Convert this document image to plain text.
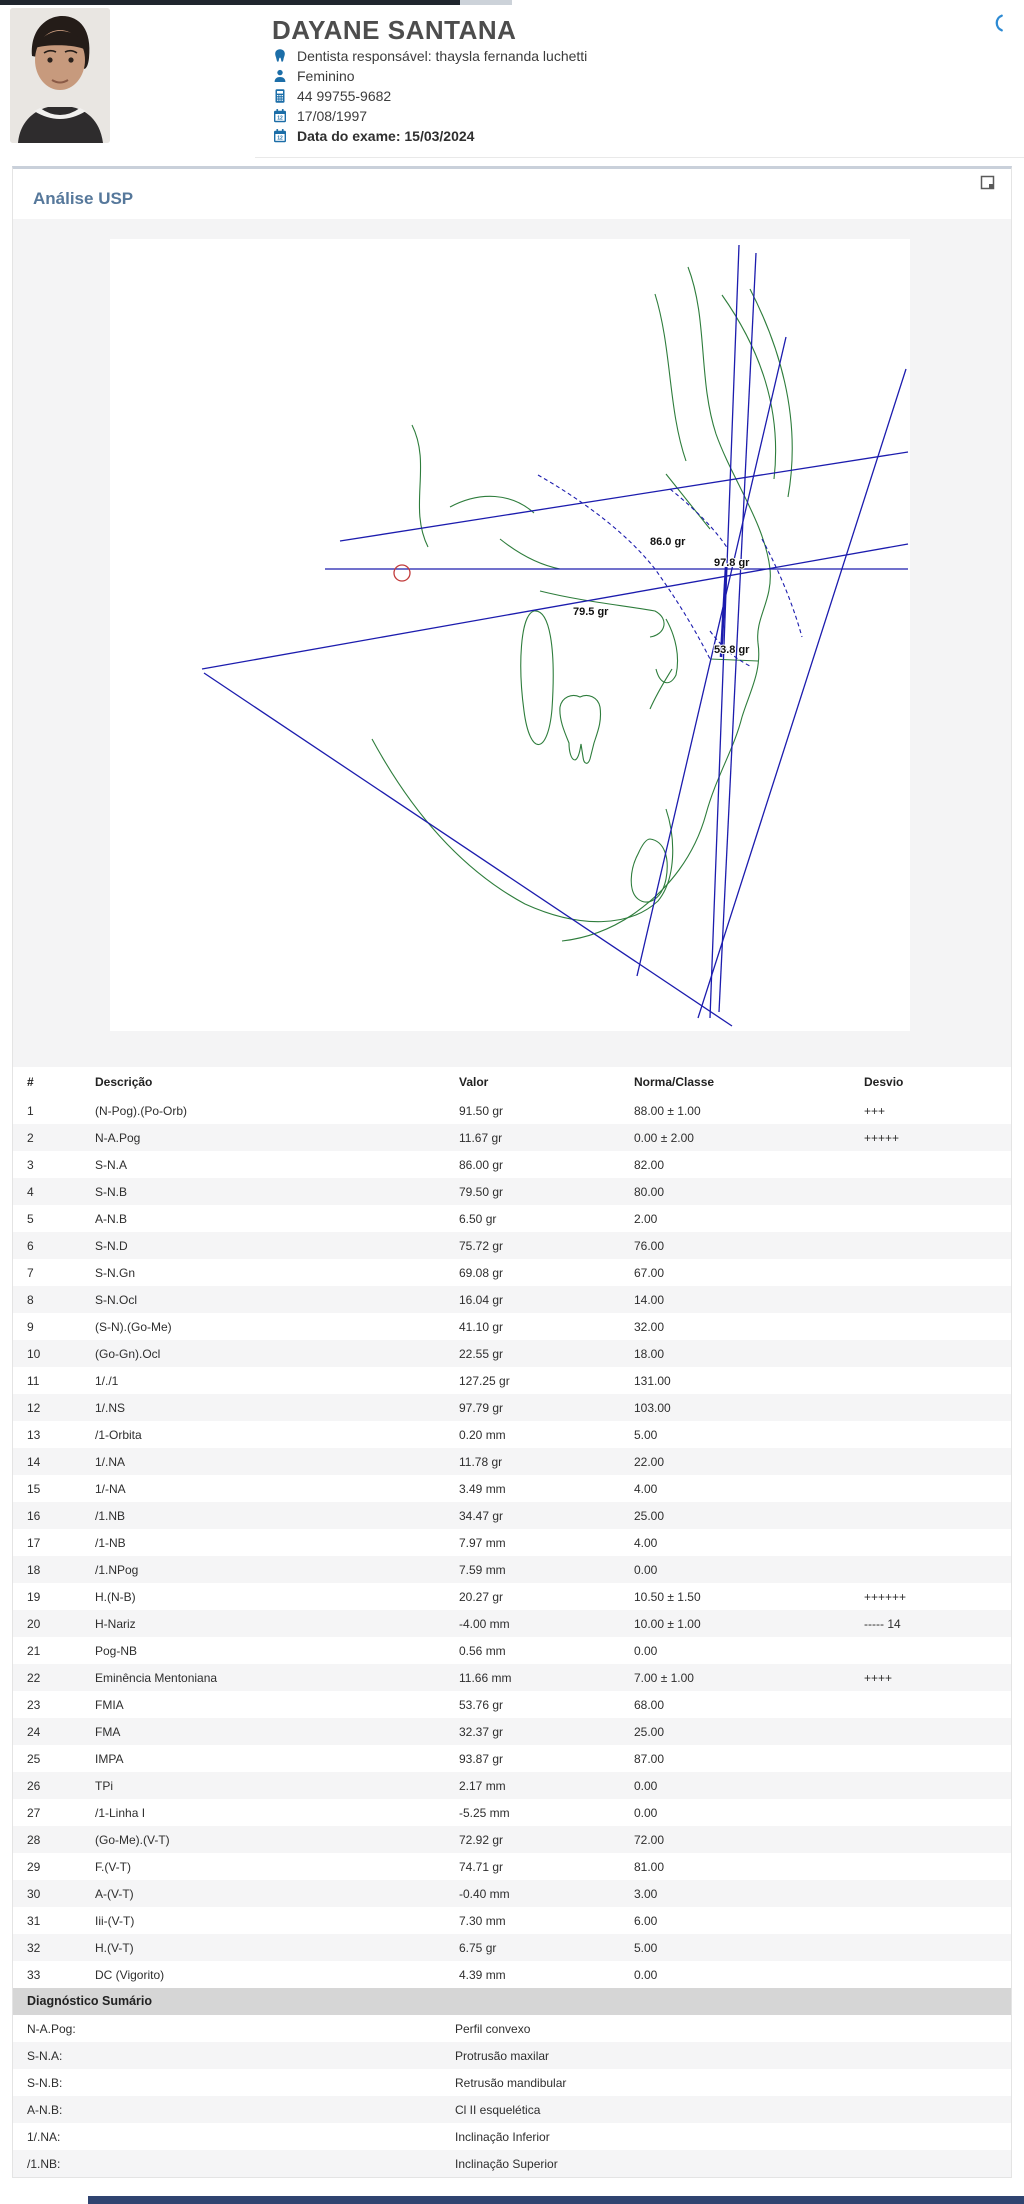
DAYANE SANTANA
Dentista responsável: thaysla fernanda luchetti
Feminino
44 99755-9682
12 17/08/1997
12 Data do exame: 15/03/2024
Análise USP
86.0 gr
97.8 gr
79.5 gr
53.8 gr
#	Descrição	Valor	Norma/Classe	Desvio
1	(N-Pog).(Po-Orb)	91.50 gr	88.00 ± 1.00	+++
2	N-A.Pog	11.67 gr	0.00 ± 2.00	+++++
3	S-N.A	86.00 gr	82.00	
4	S-N.B	79.50 gr	80.00	
5	A-N.B	6.50 gr	2.00	
6	S-N.D	75.72 gr	76.00	
7	S-N.Gn	69.08 gr	67.00	
8	S-N.Ocl	16.04 gr	14.00	
9	(S-N).(Go-Me)	41.10 gr	32.00	
10	(Go-Gn).Ocl	22.55 gr	18.00	
11	1/./1	127.25 gr	131.00	
12	1/.NS	97.79 gr	103.00	
13	/1-Orbita	0.20 mm	5.00	
14	1/.NA	11.78 gr	22.00	
15	1/-NA	3.49 mm	4.00	
16	/1.NB	34.47 gr	25.00	
17	/1-NB	7.97 mm	4.00	
18	/1.NPog	7.59 mm	0.00	
19	H.(N-B)	20.27 gr	10.50 ± 1.50	++++++
20	H-Nariz	-4.00 mm	10.00 ± 1.00	----- 14
21	Pog-NB	0.56 mm	0.00	
22	Eminência Mentoniana	11.66 mm	7.00 ± 1.00	++++
23	FMIA	53.76 gr	68.00	
24	FMA	32.37 gr	25.00	
25	IMPA	93.87 gr	87.00	
26	TPi	2.17 mm	0.00	
27	/1-Linha I	-5.25 mm	0.00	
28	(Go-Me).(V-T)	72.92 gr	72.00	
29	F.(V-T)	74.71 gr	81.00	
30	A-(V-T)	-0.40 mm	3.00	
31	Iii-(V-T)	7.30 mm	6.00	
32	H.(V-T)	6.75 gr	5.00	
33	DC (Vigorito)	4.39 mm	0.00	
Diagnóstico Sumário
N-A.Pog:	Perfil convexo
S-N.A:	Protrusão maxilar
S-N.B:	Retrusão mandibular
A-N.B:	Cl II esquelética
1/.NA:	Inclinação Inferior
/1.NB:	Inclinação Superior
